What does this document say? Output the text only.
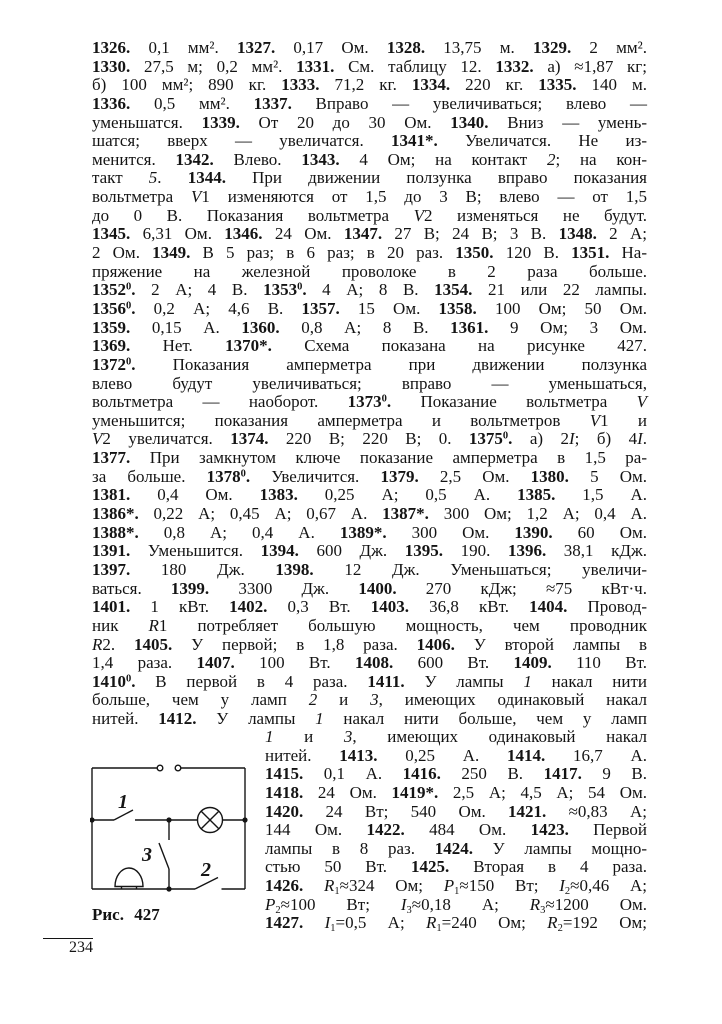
1326. 0,1 мм². 1327. 0,17 Ом. 1328. 13,75 м. 1329. 2 мм².
1330. 27,5 м; 0,2 мм². 1331. См. таблицу 12. 1332. а) ≈1,87 кг;
б) 100 мм²; 890 кг. 1333. 71,2 кг. 1334. 220 кг. 1335. 140 м.
1336. 0,5 мм². 1337. Вправо — увеличиваться; влево —
уменьшатся. 1339. От 20 до 30 Ом. 1340. Вниз — умень-
шатся; вверх — увеличатся. 1341*. Увеличатся. Не из-
менится. 1342. Влево. 1343. 4 Ом; на контакт 2; на кон-
такт 5. 1344. При движении ползунка вправо показания
вольтметра V1 изменяются от 1,5 до 3 В; влево — от 1,5
до 0 В. Показания вольтметра V2 изменяться не будут.
1345. 6,31 Ом. 1346. 24 Ом. 1347. 27 В; 24 В; 3 В. 1348. 2 А;
2 Ом. 1349. В 5 раз; в 6 раз; в 20 раз. 1350. 120 В. 1351. На-
пряжение на железной проволоке в 2 раза больше.
1352$^0$. 2 А; 4 В. 1353$^0$. 4 А; 8 В. 1354. 21 или 22 лампы.
1356$^0$. 0,2 А; 4,6 В. 1357. 15 Ом. 1358. 100 Ом; 50 Ом.
1359. 0,15 А. 1360. 0,8 А; 8 В. 1361. 9 Ом; 3 Ом.
1369. Нет. 1370*. Схема показана на рисунке 427.
1372$^0$. Показания амперметра при движении ползунка
влево будут увеличиваться; вправо — уменьшаться,
вольтметра — наоборот. 1373$^0$. Показание вольтметра V
уменьшится; показания амперметра и вольтметров V1 и
V2 увеличатся. 1374. 220 В; 220 В; 0. 1375$^0$. а) 2I; б) 4I.
1377. При замкнутом ключе показание амперметра в 1,5 ра-
за больше. 1378$^0$. Увеличится. 1379. 2,5 Ом. 1380. 5 Ом.
1381. 0,4 Ом. 1383. 0,25 А; 0,5 А. 1385. 1,5 А.
1386*. 0,22 А; 0,45 А; 0,67 А. 1387*. 300 Ом; 1,2 А; 0,4 А.
1388*. 0,8 А; 0,4 А. 1389*. 300 Ом. 1390. 60 Ом.
1391. Уменьшится. 1394. 600 Дж. 1395. 190. 1396. 38,1 кДж.
1397. 180 Дж. 1398. 12 Дж. Уменьшаться; увеличи-
ваться. 1399. 3300 Дж. 1400. 270 кДж; ≈75 кВт·ч.
1401. 1 кВт. 1402. 0,3 Вт. 1403. 36,8 кВт. 1404. Провод-
ник R1 потребляет большую мощность, чем проводник
R2. 1405. У первой; в 1,8 раза. 1406. У второй лампы в
1,4 раза. 1407. 100 Вт. 1408. 600 Вт. 1409. 110 Вт.
1410$^0$. В первой в 4 раза. 1411. У лампы 1 накал нити
больше, чем у ламп 2 и 3, имеющих одинаковый накал
нитей. 1412. У лампы 1 накал нити больше, чем у ламп
1 и 3, имеющих одинаковый накал
нитей. 1413. 0,25 А. 1414. 16,7 А.
1415. 0,1 А. 1416. 250 В. 1417. 9 В.
1418. 24 Ом. 1419*. 2,5 А; 4,5 А; 54 Ом.
1420. 24 Вт; 540 Ом. 1421. ≈0,83 А;
144 Ом. 1422. 484 Ом. 1423. Первой
лампы в 8 раз. 1424. У лампы мощно-
стью 50 Вт. 1425. Вторая в 4 раза.
1426. $R_1\approx 324$ Ом; $P_1\approx 150$ Вт; $I_2\approx 0,46$ А;
$P_2\approx 100$ Вт; $I_3\approx 0,18$ А; $R_3\approx 1200$ Ом.
1427. $I_1=0,5$ А; $R_1=240$ Ом; $R_2=192$ Ом;
1
3
2
Рис. 427
234
